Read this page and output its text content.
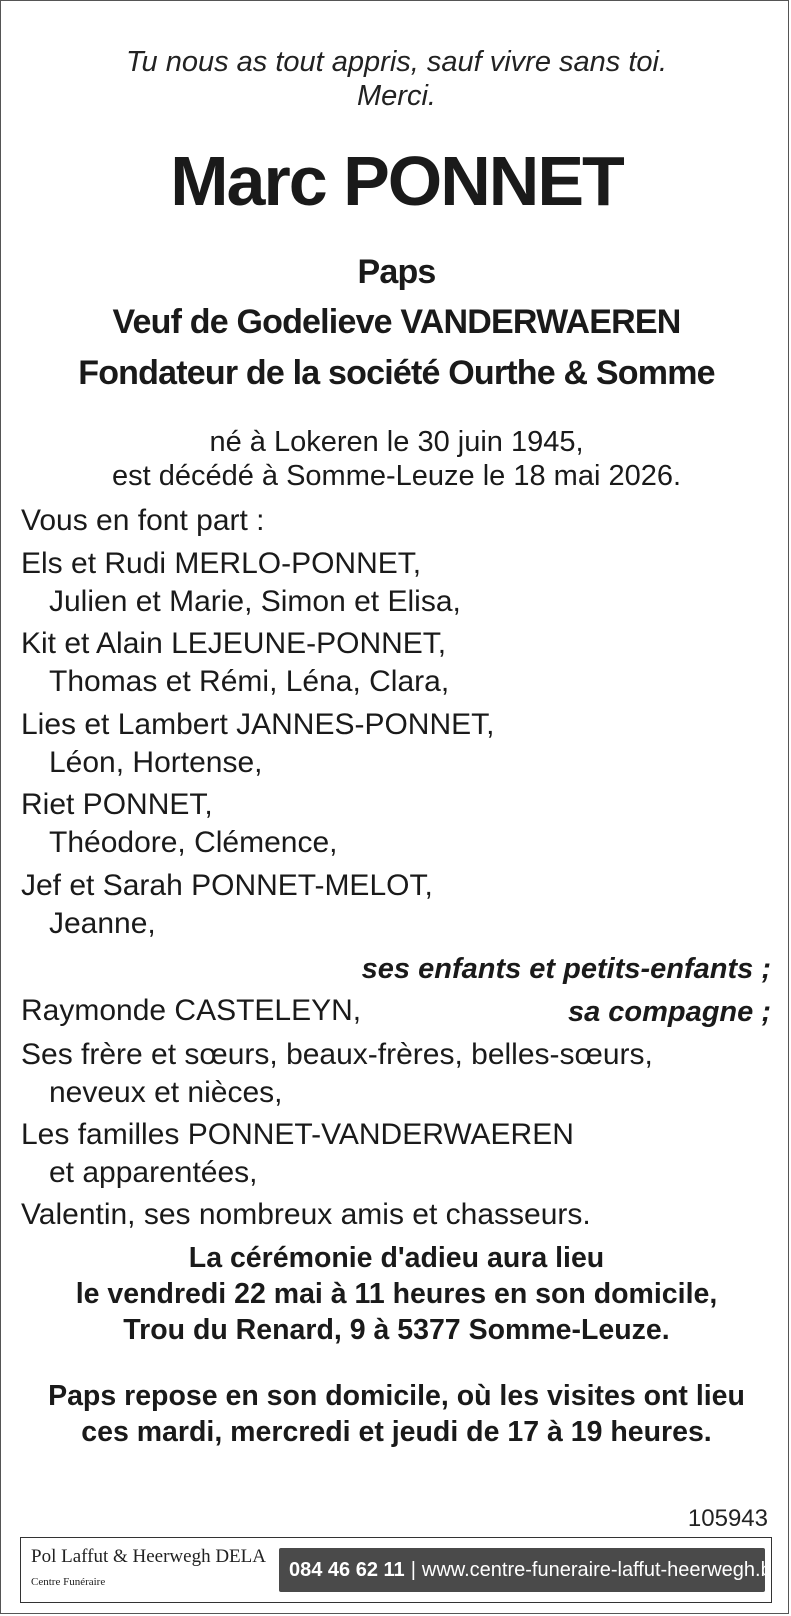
Tu nous as tout appris, sauf vivre sans toi.
Merci.
Marc PONNET
Paps
Veuf de Godelieve VANDERWAEREN
Fondateur de la société Ourthe & Somme
né à Lokeren le 30 juin 1945,
est décédé à Somme-Leuze le 18 mai 2026.
Vous en font part :
Els et Rudi MERLO-PONNET,
Julien et Marie, Simon et Elisa,
Kit et Alain LEJEUNE-PONNET,
Thomas et Rémi, Léna, Clara,
Lies et Lambert JANNES-PONNET,
Léon, Hortense,
Riet PONNET,
Théodore, Clémence,
Jef et Sarah PONNET-MELOT,
Jeanne,
ses enfants et petits-enfants ;
Raymonde CASTELEYN,	sa compagne ;
Ses frère et sœurs, beaux-frères, belles-sœurs,
neveux et nièces,
Les familles PONNET-VANDERWAEREN
et apparentées,
Valentin, ses nombreux amis et chasseurs.
La cérémonie d'adieu aura lieu
le vendredi 22 mai à 11 heures en son domicile,
Trou du Renard, 9 à 5377 Somme-Leuze.
Paps repose en son domicile, où les visites ont lieu
ces mardi, mercredi et jeudi de 17 à 19 heures.
105943
Pol Laffut & Heerwegh DELA
Centre Funéraire
084 46 62 11 | www.centre-funeraire-laffut-heerwegh.be
